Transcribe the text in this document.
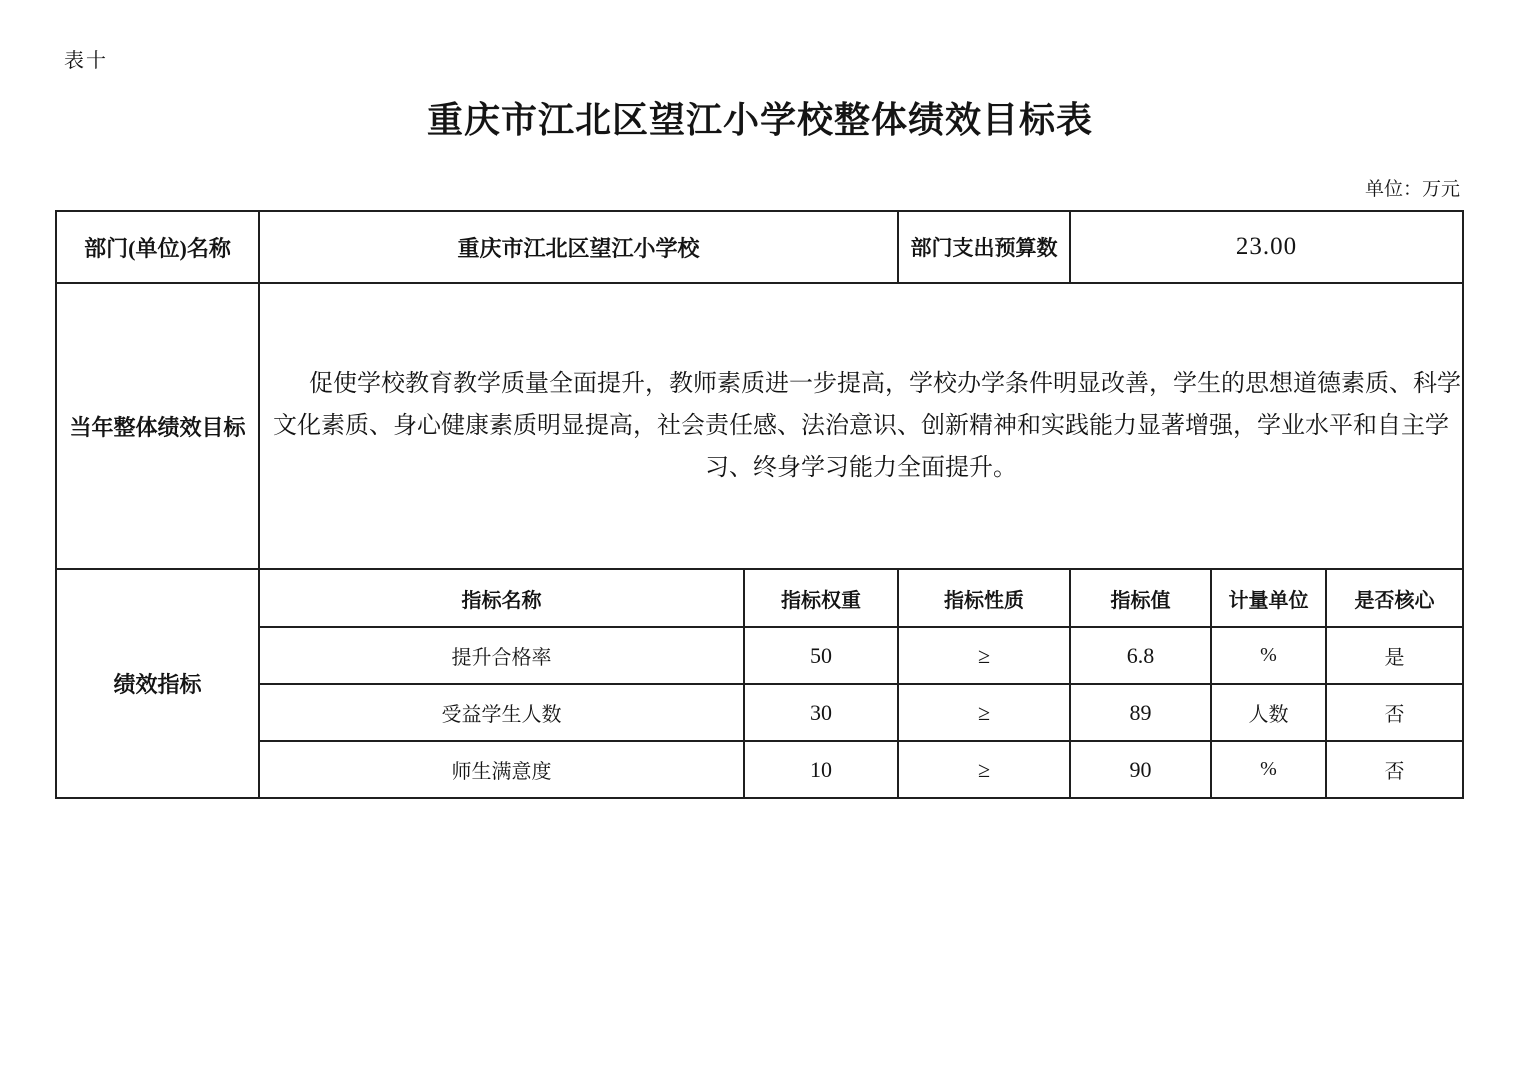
表十
重庆市江北区望江小学校整体绩效目标表
单位：万元
部门(单位)名称	重庆市江北区望江小学校		部门支出预算数	23.00		
当年整体绩效目标	促使学校教育教学质量全面提升，教师素质进一步提高，学校办学条件明显改善，学生的思想道德素质、科学文化素质、身心健康素质明显提高，社会责任感、法治意识、创新精神和实践能力显著增强，学业水平和自主学习、终身学习能力全面提升。					

绩效指标	指标名称	指标权重	指标性质	指标值	计量单位	是否核心
	提升合格率	50	≥	6.8	%	是
	受益学生人数	30	≥	89	人数	否
	师生满意度	10	≥	90	%	否
